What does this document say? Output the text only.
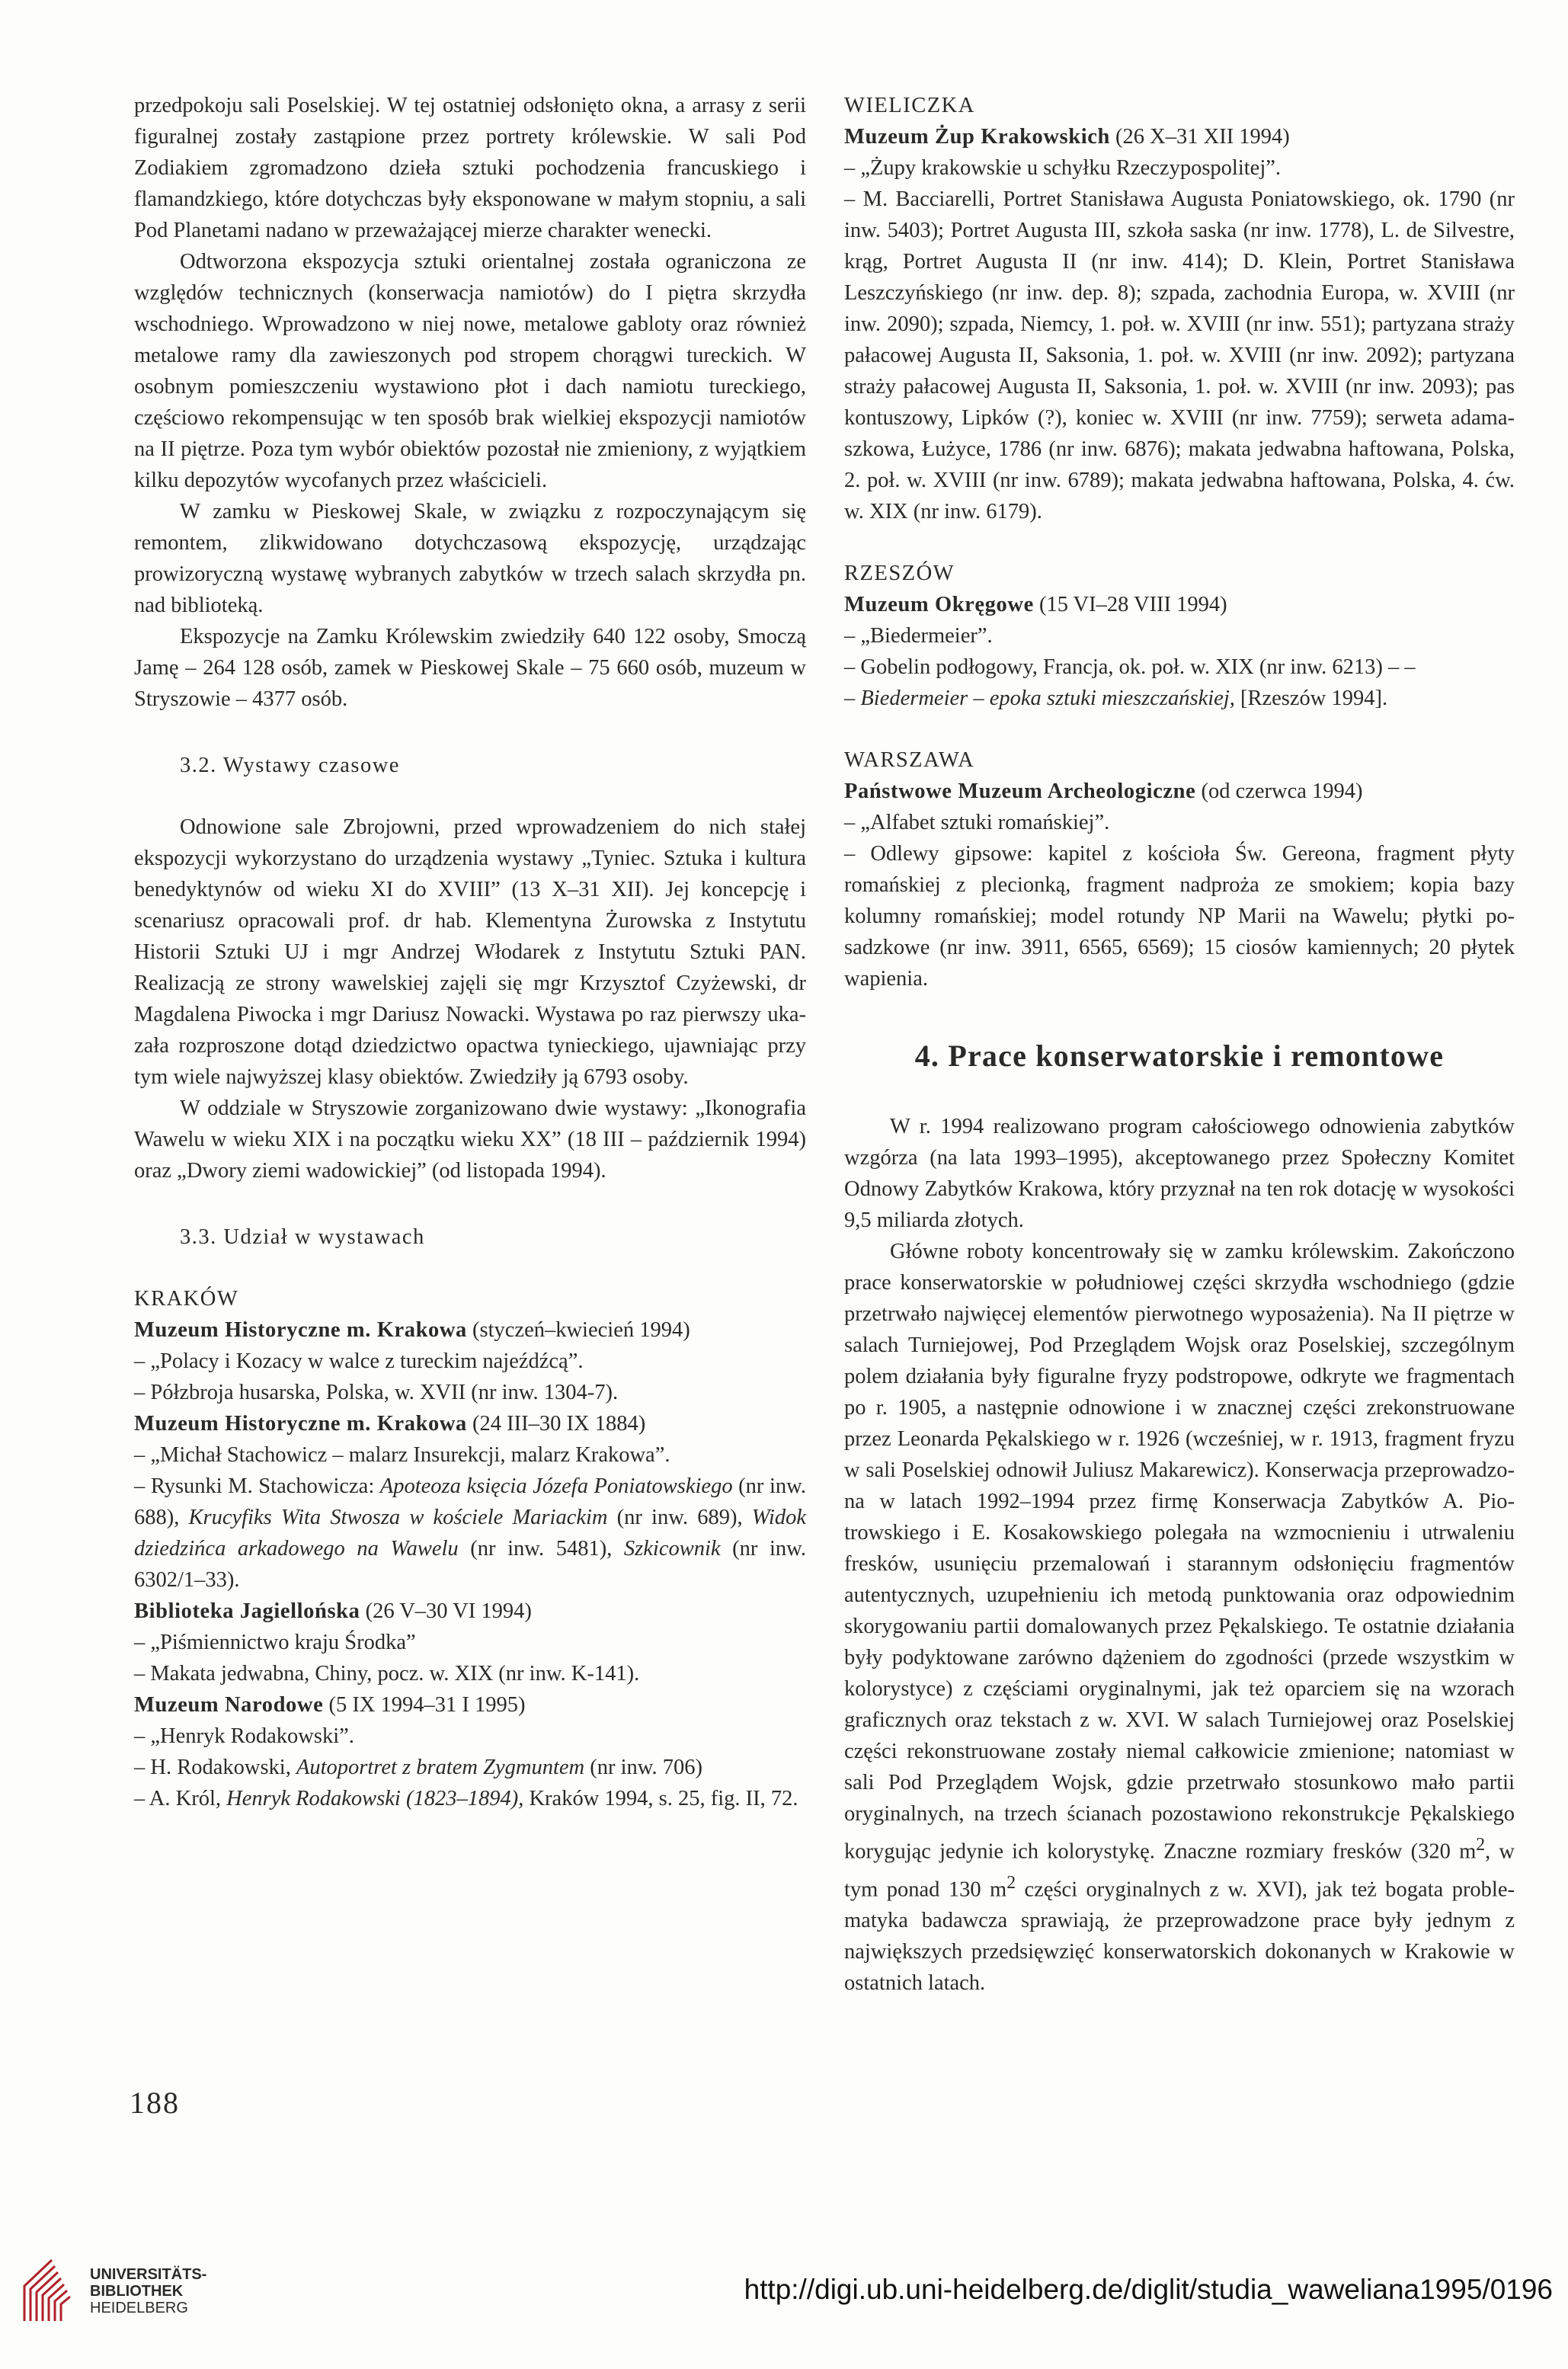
przedpokoju sali Poselskiej. W tej ostatniej odsłonięto okna, a arrasy z serii figuralnej zostały zastąpione przez portrety królewskie. W sali Pod Zodiakiem zgromadzono dzieła sztuki pochodzenia francuskiego i flamandzkiego, które dotychczas były eksponowane w małym stopniu, a sali Pod Planetami nadano w przeważającej mierze charakter wenecki.

Odtworzona ekspozycja sztuki orientalnej została ograniczona ze względów technicznych (konserwacja namiotów) do I piętra skrzydła wschodniego. Wprowadzono w niej nowe, metalowe gabloty oraz również metalowe ramy dla zawieszonych pod stropem chorągwi tureckich. W osobnym pomieszczeniu wystawiono płot i dach namiotu tureckiego, częściowo rekompensując w ten sposób brak wielkiej ekspozycji namiotów na II piętrze. Poza tym wybór obiektów pozostał nie zmieniony, z wyjątkiem kilku depozytów wycofanych przez właścicieli.

W zamku w Pieskowej Skale, w związku z rozpoczynającym się remontem, zlikwidowano dotychczasową ekspozycję, urządzając prowizoryczną wystawę wybranych zabytków w trzech salach skrzydła pn. nad biblioteką.

Ekspozycje na Zamku Królewskim zwiedziły 640 122 osoby, Smoczą Jamę – 264 128 osób, zamek w Pieskowej Skale – 75 660 osób, muzeum w Stryszowie – 4377 osób.

3.2. Wystawy czasowe

Odnowione sale Zbrojowni, przed wprowadzeniem do nich stałej ekspozycji wykorzystano do urządzenia wystawy „Tyniec. Sztuka i kultura benedyktynów od wieku XI do XVIII” (13 X–31 XII). Jej koncepcję i scenariusz opracowali prof. dr hab. Klementyna Żurowska z Instytutu Historii Sztuki UJ i mgr Andrzej Włodarek z Instytutu Sztuki PAN. Realizacją ze strony wawelskiej zajęli się mgr Krzysztof Czyżewski, dr Magdalena Piwocka i mgr Dariusz Nowacki. Wystawa po raz pierwszy ukazała rozproszone dotąd dziedzictwo opactwa tynieckiego, ujawniając przy tym wiele najwyższej klasy obiektów. Zwiedziły ją 6793 osoby.

W oddziale w Stryszowie zorganizowano dwie wystawy: „Ikonografia Wawelu w wieku XIX i na początku wieku XX” (18 III – październik 1994) oraz „Dwory ziemi wadowickiej” (od listopada 1994).

3.3. Udział w wystawach
KRAKÓW

Muzeum Historyczne m. Krakowa (styczeń–kwiecień 1994)

– „Polacy i Kozacy w walce z tureckim najeźdźcą”.

– Półzbroja husarska, Polska, w. XVII (nr inw. 1304-7).

Muzeum Historyczne m. Krakowa (24 III–30 IX 1884)

– „Michał Stachowicz – malarz Insurekcji, malarz Krakowa”.

– Rysunki M. Stachowicza: Apoteoza księcia Józefa Poniatowskiego (nr inw. 688), Krucyfiks Wita Stwosza w kościele Mariackim (nr inw. 689), Widok dziedzińca arkadowego na Wawelu (nr inw. 5481), Szkicownik (nr inw. 6302/1–33).

Biblioteka Jagiellońska (26 V–30 VI 1994)

– „Piśmiennictwo kraju Środka”

– Makata jedwabna, Chiny, pocz. w. XIX (nr inw. K-141).

Muzeum Narodowe (5 IX 1994–31 I 1995)

– „Henryk Rodakowski”.

– H. Rodakowski, Autoportret z bratem Zygmuntem (nr inw. 706)

– A. Król, Henryk Rodakowski (1823–1894), Kraków 1994, s. 25, fig. II, 72.

WIELICZKA

Muzeum Żup Krakowskich (26 X–31 XII 1994)

– „Żupy krakowskie u schyłku Rzeczypospolitej”.

– M. Bacciarelli, Portret Stanisława Augusta Poniatowskiego, ok. 1790 (nr inw. 5403); Portret Augusta III, szkoła saska (nr inw. 1778), L. de Silvestre, krąg, Portret Augusta II (nr inw. 414); D. Klein, Portret Stanisława Leszczyńskiego (nr inw. dep. 8); szpada, zachodnia Europa, w. XVIII (nr inw. 2090); szpada, Niemcy, 1. poł. w. XVIII (nr inw. 551); partyzana straży pałacowej Augusta II, Saksonia, 1. poł. w. XVIII (nr inw. 2092); partyzana straży pałacowej Augusta II, Saksonia, 1. poł. w. XVIII (nr inw. 2093); pas kontuszowy, Lipków (?), koniec w. XVIII (nr inw. 7759); serweta adamaszkowa, Łużyce, 1786 (nr inw. 6876); makata jedwabna haftowana, Polska, 2. poł. w. XVIII (nr inw. 6789); makata jedwabna haftowana, Polska, 4. ćw. w. XIX (nr inw. 6179).

RZESZÓW

Muzeum Okręgowe (15 VI–28 VIII 1994)

– „Biedermeier”.

– Gobelin podłogowy, Francja, ok. poł. w. XIX (nr inw. 6213) – –

– Biedermeier – epoka sztuki mieszczańskiej, [Rzeszów 1994].

WARSZAWA

Państwowe Muzeum Archeologiczne (od czerwca 1994)

– „Alfabet sztuki romańskiej”.

– Odlewy gipsowe: kapitel z kościoła Św. Gereona, fragment płyty romańskiej z plecionką, fragment nadproża ze smokiem; kopia bazy kolumny romańskiej; model rotundy NP Marii na Wawelu; płytki posadzkowe (nr inw. 3911, 6565, 6569); 15 ciosów kamiennych; 20 płytek wapienia.

4. Prace konserwatorskie i remontowe

W r. 1994 realizowano program całościowego odnowienia zabytków wzgórza (na lata 1993–1995), akceptowanego przez Społeczny Komitet Odnowy Zabytków Krakowa, który przyznał na ten rok dotację w wysokości 9,5 miliarda złotych.

Główne roboty koncentrowały się w zamku królewskim. Zakończono prace konserwatorskie w południowej części skrzydła wschodniego (gdzie przetrwało najwięcej elementów pierwotnego wyposażenia). Na II piętrze w salach Turniejowej, Pod Przeglądem Wojsk oraz Poselskiej, szczególnym polem działania były figuralne fryzy podstropowe, odkryte we fragmentach po r. 1905, a następnie odnowione i w znacznej części zrekonstruowane przez Leonarda Pękalskiego w r. 1926 (wcześniej, w r. 1913, fragment fryzu w sali Poselskiej odnowił Juliusz Makarewicz). Konserwacja przeprowadzona w latach 1992–1994 przez firmę Konserwacja Zabytków A. Piotrowskiego i E. Kosakowskiego polegała na wzmocnieniu i utrwaleniu fresków, usunięciu przemalowań i starannym odsłonięciu fragmentów autentycznych, uzupełnieniu ich metodą punktowania oraz odpowiednim skorygowaniu partii domalowanych przez Pękalskiego. Te ostatnie działania były podyktowane zarówno dążeniem do zgodności (przede wszystkim w kolorystyce) z częściami oryginalnymi, jak też oparciem się na wzorach graficznych oraz tekstach z w. XVI. W salach Turniejowej oraz Poselskiej części rekonstruowane zostały niemal całkowicie zmienione; natomiast w sali Pod Przeglądem Wojsk, gdzie przetrwało stosunkowo mało partii oryginalnych, na trzech ścianach pozostawiono rekonstrukcje Pękalskiego korygując jedynie ich kolorystykę. Znaczne rozmiary fresków (320 $m^2$, w tym ponad 130 $m^2$ części oryginalnych z w. XVI), jak też bogata problematyka badawcza sprawiają, że przeprowadzone prace były jednym z największych przedsięwzięć konserwatorskich dokonanych w Krakowie w ostatnich latach.

188
UNIVERSITÄTS-
BIBLIOTHEK
HEIDELBERG
http://digi.ub.uni-heidelberg.de/diglit/studia_waweliana1995/0196
